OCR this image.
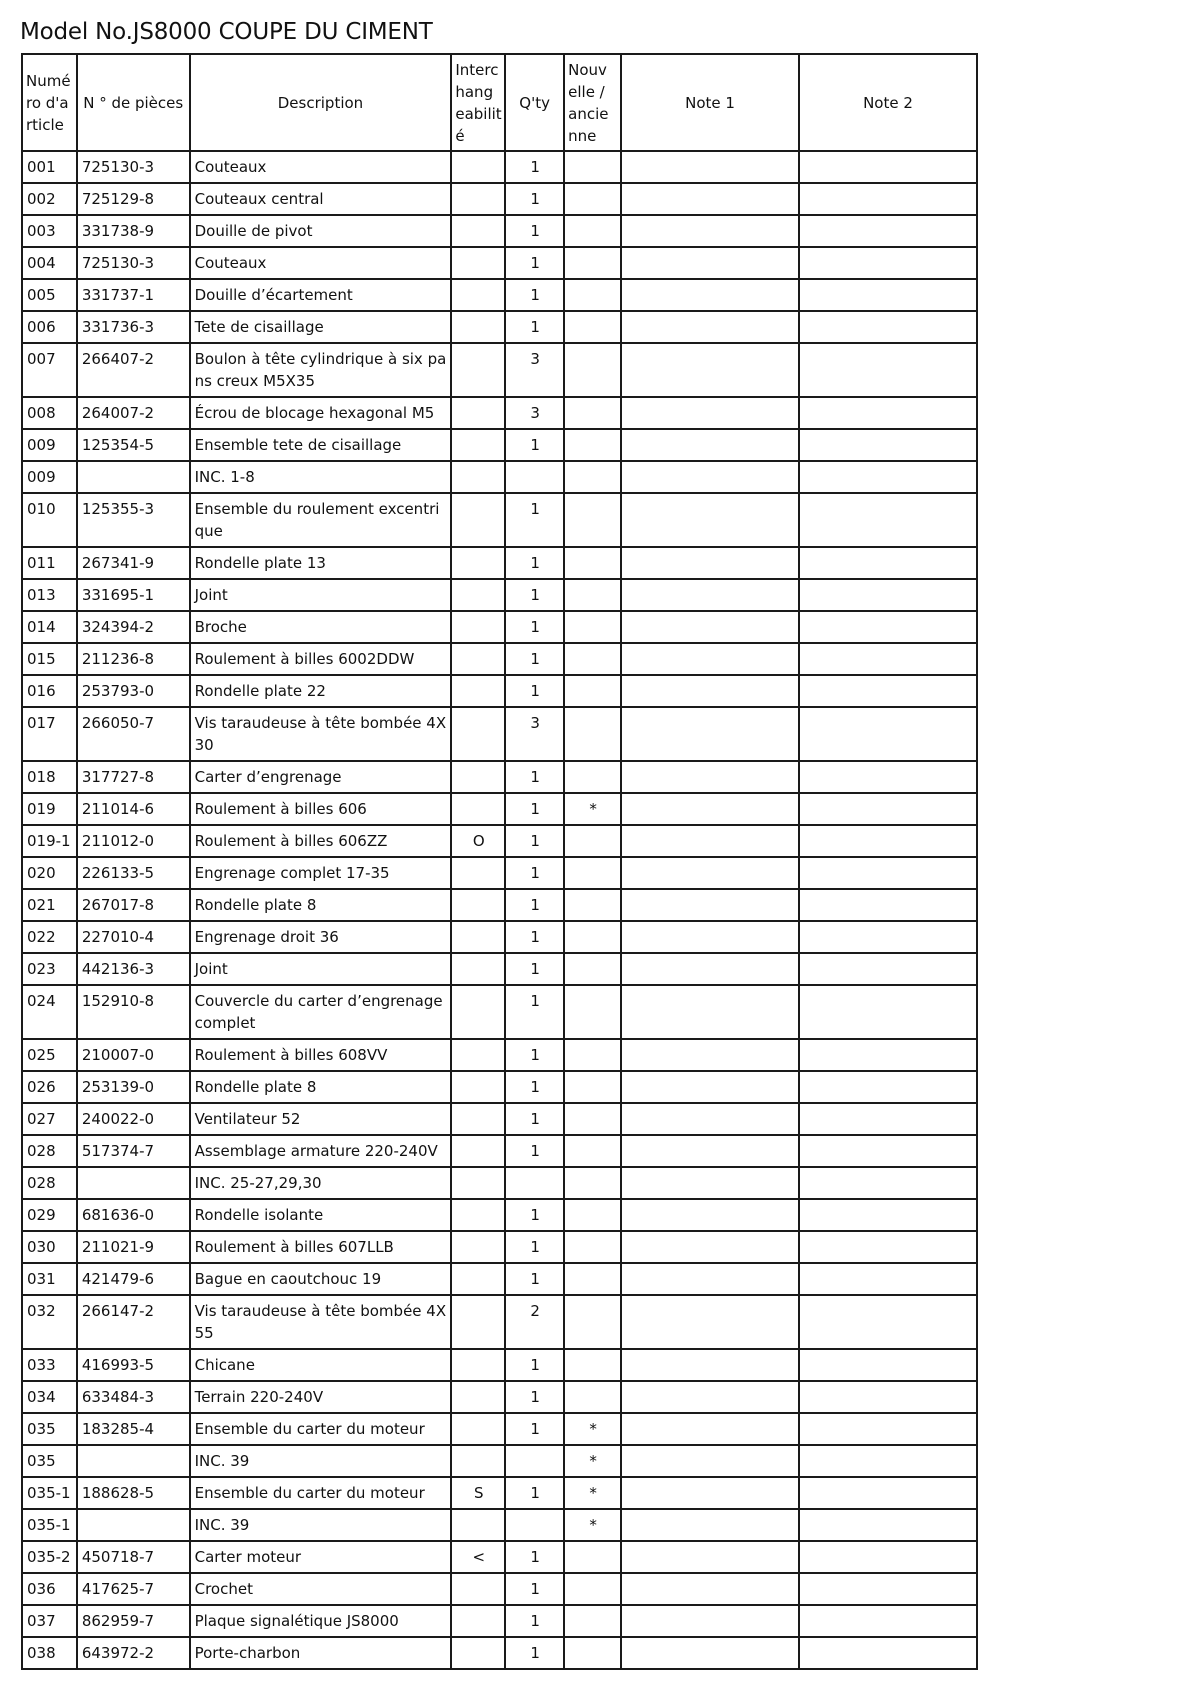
Model No.JS8000 COUPE DU CIMENT
Numé ro d'a rticle	N ° de pièces	Description	Interc hang eabilit é	Q'ty	Nouv elle / ancie nne	Note 1	Note 2

001	725130-3	Couteaux		1			

002	725129-8	Couteaux central		1			

003	331738-9	Douille de pivot		1			

004	725130-3	Couteaux		1			

005	331737-1	Douille d’écartement		1			

006	331736-3	Tete de cisaillage		1			

007	266407-2	Boulon à tête cylindrique à six pans creux M5X35		3			

008	264007-2	Écrou de blocage hexagonal M5		3			

009	125354-5	Ensemble tete de cisaillage		1			

009		INC. 1-8					

010	125355-3	Ensemble du roulement excentrique		1			

011	267341-9	Rondelle plate 13		1			

013	331695-1	Joint		1			

014	324394-2	Broche		1			

015	211236-8	Roulement à billes 6002DDW		1			

016	253793-0	Rondelle plate 22		1			

017	266050-7	Vis taraudeuse à tête bombée 4X30		3			

018	317727-8	Carter d’engrenage		1			

019	211014-6	Roulement à billes 606		1	*		

019-1	211012-0	Roulement à billes 606ZZ	O	1			

020	226133-5	Engrenage complet 17-35		1			

021	267017-8	Rondelle plate 8		1			

022	227010-4	Engrenage droit 36		1			

023	442136-3	Joint		1			

024	152910-8	Couvercle du carter d’engrenage complet		1			

025	210007-0	Roulement à billes 608VV		1			

026	253139-0	Rondelle plate 8		1			

027	240022-0	Ventilateur 52		1			

028	517374-7	Assemblage armature 220-240V		1			

028		INC. 25-27,29,30					

029	681636-0	Rondelle isolante		1			

030	211021-9	Roulement à billes 607LLB		1			

031	421479-6	Bague en caoutchouc 19		1			

032	266147-2	Vis taraudeuse à tête bombée 4X55		2			

033	416993-5	Chicane		1			

034	633484-3	Terrain 220-240V		1			

035	183285-4	Ensemble du carter du moteur		1	*		

035		INC. 39			*		

035-1	188628-5	Ensemble du carter du moteur	S	1	*		

035-1		INC. 39			*		

035-2	450718-7	Carter moteur	<	1			

036	417625-7	Crochet		1			

037	862959-7	Plaque signalétique JS8000		1			

038	643972-2	Porte-charbon		1			
